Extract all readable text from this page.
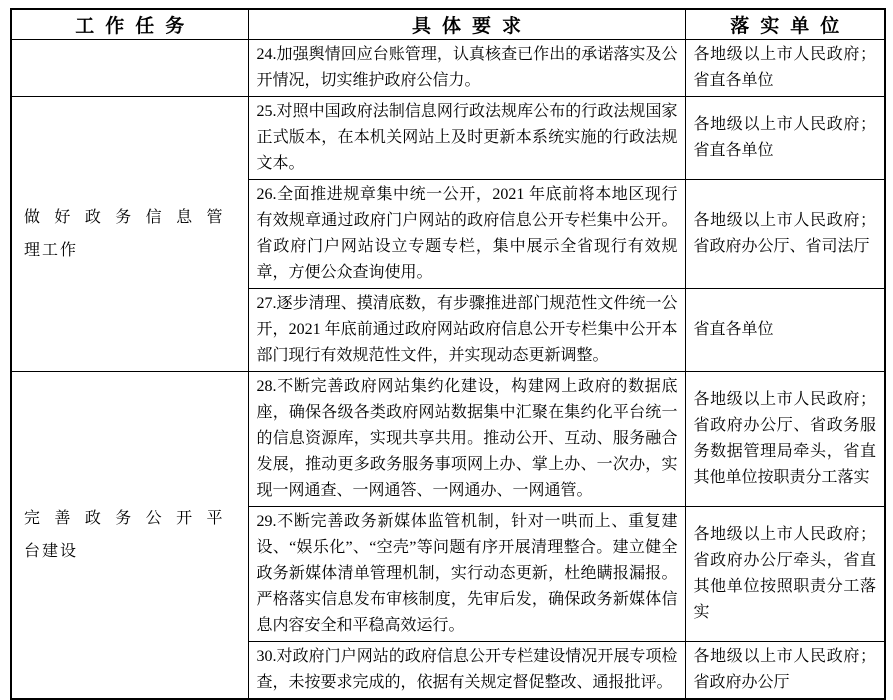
工作任务	具体要求	落实单位
	24.加强舆情回应台账管理，认真核查已作出的承诺落实及公开情况，切实维护政府公信力。	各地级以上市人民政府；省直各单位
做好政务信息管理工作	25.对照中国政府法制信息网行政法规库公布的行政法规国家正式版本，在本机关网站上及时更新本系统实施的行政法规文本。	各地级以上市人民政府；省直各单位
	26.全面推进规章集中统一公开，2021 年底前将本地区现行有效规章通过政府门户网站的政府信息公开专栏集中公开。省政府门户网站设立专题专栏，集中展示全省现行有效规章，方便公众查询使用。	各地级以上市人民政府；省政府办公厅、省司法厅
	27.逐步清理、摸清底数，有步骤推进部门规范性文件统一公开，2021 年底前通过政府网站政府信息公开专栏集中公开本部门现行有效规范性文件，并实现动态更新调整。	省直各单位
完善政务公开平台建设	28.不断完善政府网站集约化建设，构建网上政府的数据底座，确保各级各类政府网站数据集中汇聚在集约化平台统一的信息资源库，实现共享共用。推动公开、互动、服务融合发展，推动更多政务服务事项网上办、掌上办、一次办，实现一网通查、一网通答、一网通办、一网通管。	各地级以上市人民政府；省政府办公厅、省政务服务数据管理局牵头，省直其他单位按职责分工落实
	29.不断完善政务新媒体监管机制，针对一哄而上、重复建设、“娱乐化”、“空壳”等问题有序开展清理整合。建立健全政务新媒体清单管理机制，实行动态更新，杜绝瞒报漏报。严格落实信息发布审核制度，先审后发，确保政务新媒体信息内容安全和平稳高效运行。	各地级以上市人民政府；省政府办公厅牵头，省直其他单位按照职责分工落实
	30.对政府门户网站的政府信息公开专栏建设情况开展专项检查，未按要求完成的，依据有关规定督促整改、通报批评。	各地级以上市人民政府；省政府办公厅
